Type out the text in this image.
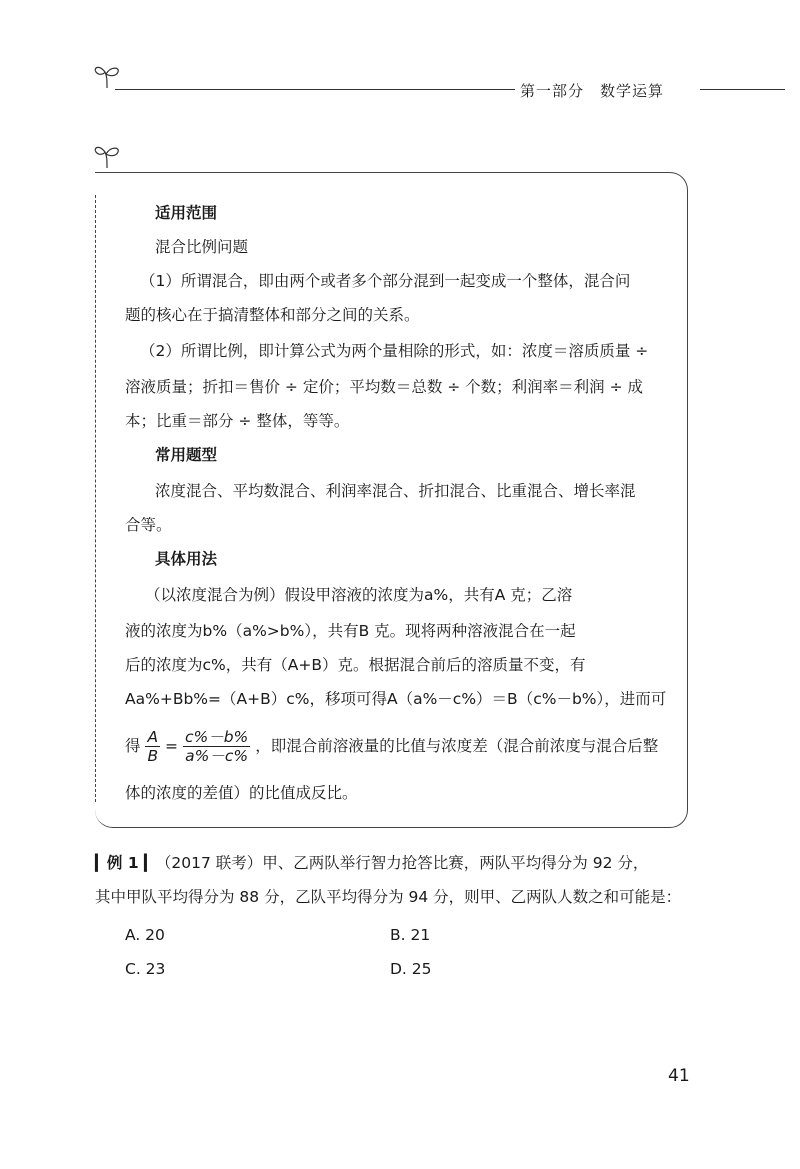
第一部分　数学运算
适用范围
混合比例问题
（1）所谓混合，即由两个或者多个部分混到一起变成一个整体，混合问
题的核心在于搞清整体和部分之间的关系。
（2）所谓比例，即计算公式为两个量相除的形式，如：浓度＝溶质质量 ÷
溶液质量；折扣＝售价 ÷ 定价；平均数＝总数 ÷ 个数；利润率＝利润 ÷ 成
本；比重＝部分 ÷ 整体，等等。
常用题型
浓度混合、平均数混合、利润率混合、折扣混合、比重混合、增长率混
合等。
具体用法
（以浓度混合为例）假设甲溶液的浓度为a%，共有A 克；乙溶
液的浓度为b%（a%>b%），共有B 克。现将两种溶液混合在一起
后的浓度为c%，共有（A+B）克。根据混合前后的溶质量不变，有
Aa%+Bb%=（A+B）c%，移项可得A（a%－c%）＝B（c%－b%），进而可
得 $\frac{A}{B} = \frac{c\%-b\%}{a\%-c\%}$ ，即混合前溶液量的比值与浓度差（混合前浓度与混合后整
体的浓度的差值）的比值成反比。
▎例 1 ▎（2017 联考）甲、乙两队举行智力抢答比赛，两队平均得分为 92 分，
其中甲队平均得分为 88 分，乙队平均得分为 94 分，则甲、乙两队人数之和可能是：
A. 20	B. 21
C. 23	D. 25
41
